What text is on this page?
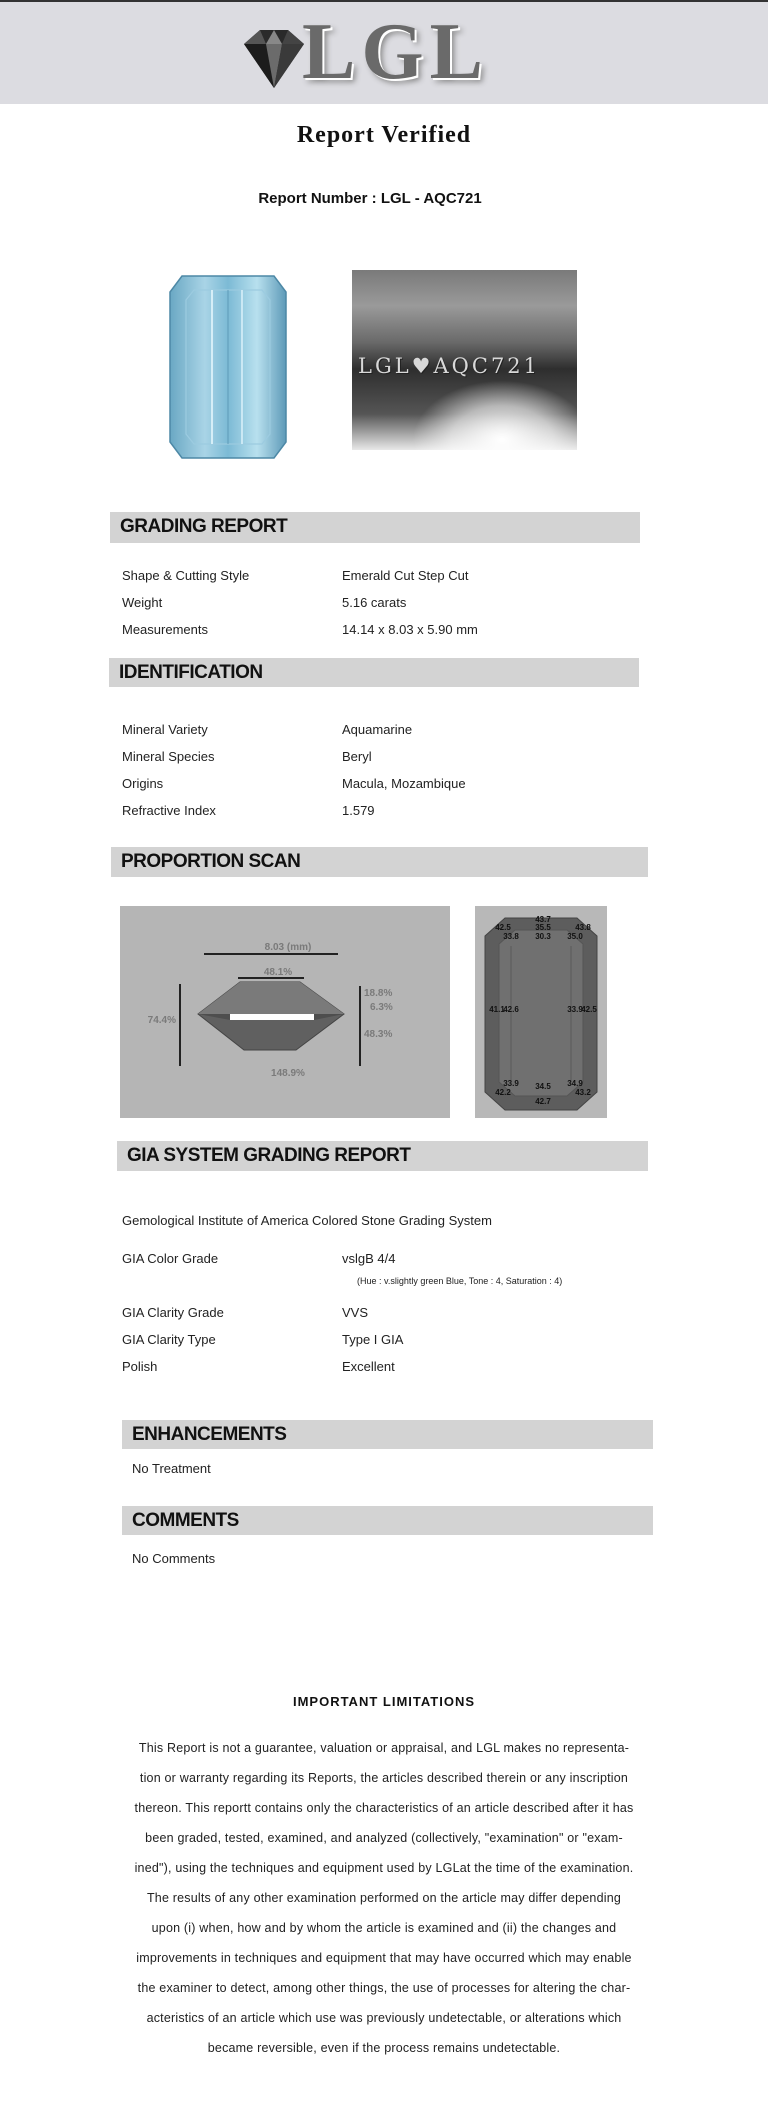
LGL
Report Verified
Report Number : LGL - AQC721
LGL♥AQC721
GRADING REPORT
Shape & Cutting Style	Emerald Cut Step Cut
Weight	5.16 carats
Measurements	14.14 x 8.03 x 5.90 mm
IDENTIFICATION
Mineral Variety	Aquamarine
Mineral Species	Beryl
Origins	Macula, Mozambique
Refractive Index	1.579
PROPORTION SCAN
8.03 (mm)
48.1%
74.4%
18.8%
6.3%
48.3%
148.9%
42.5
43.7
35.5	43.8
33.8 30.3 35.0
41.1
42.6	33.9
42.5
33.9 34.5 34.9
42.2
42.7
43.2
GIA SYSTEM GRADING REPORT
Gemological Institute of America Colored Stone Grading System
GIA Color Grade	vslgB 4/4
(Hue : v.slightly green Blue, Tone : 4, Saturation : 4)
GIA Clarity Grade	VVS
GIA Clarity Type	Type I GIA
Polish	Excellent
ENHANCEMENTS
No Treatment
COMMENTS
No Comments
IMPORTANT LIMITATIONS
This Report is not a guarantee, valuation or appraisal, and LGL makes no representa-
tion or warranty regarding its Reports, the articles described therein or any inscription
thereon. This reportt contains only the characteristics of an article described after it has
been graded, tested, examined, and analyzed (collectively, "examination" or "exam-
ined"), using the techniques and equipment used by LGLat the time of the examination.
The results of any other examination performed on the article may differ depending
upon (i) when, how and by whom the article is examined and (ii) the changes and
improvements in techniques and equipment that may have occurred which may enable
the examiner to detect, among other things, the use of processes for altering the char-
acteristics of an article which use was previously undetectable, or alterations which
became reversible, even if the process remains undetectable.
